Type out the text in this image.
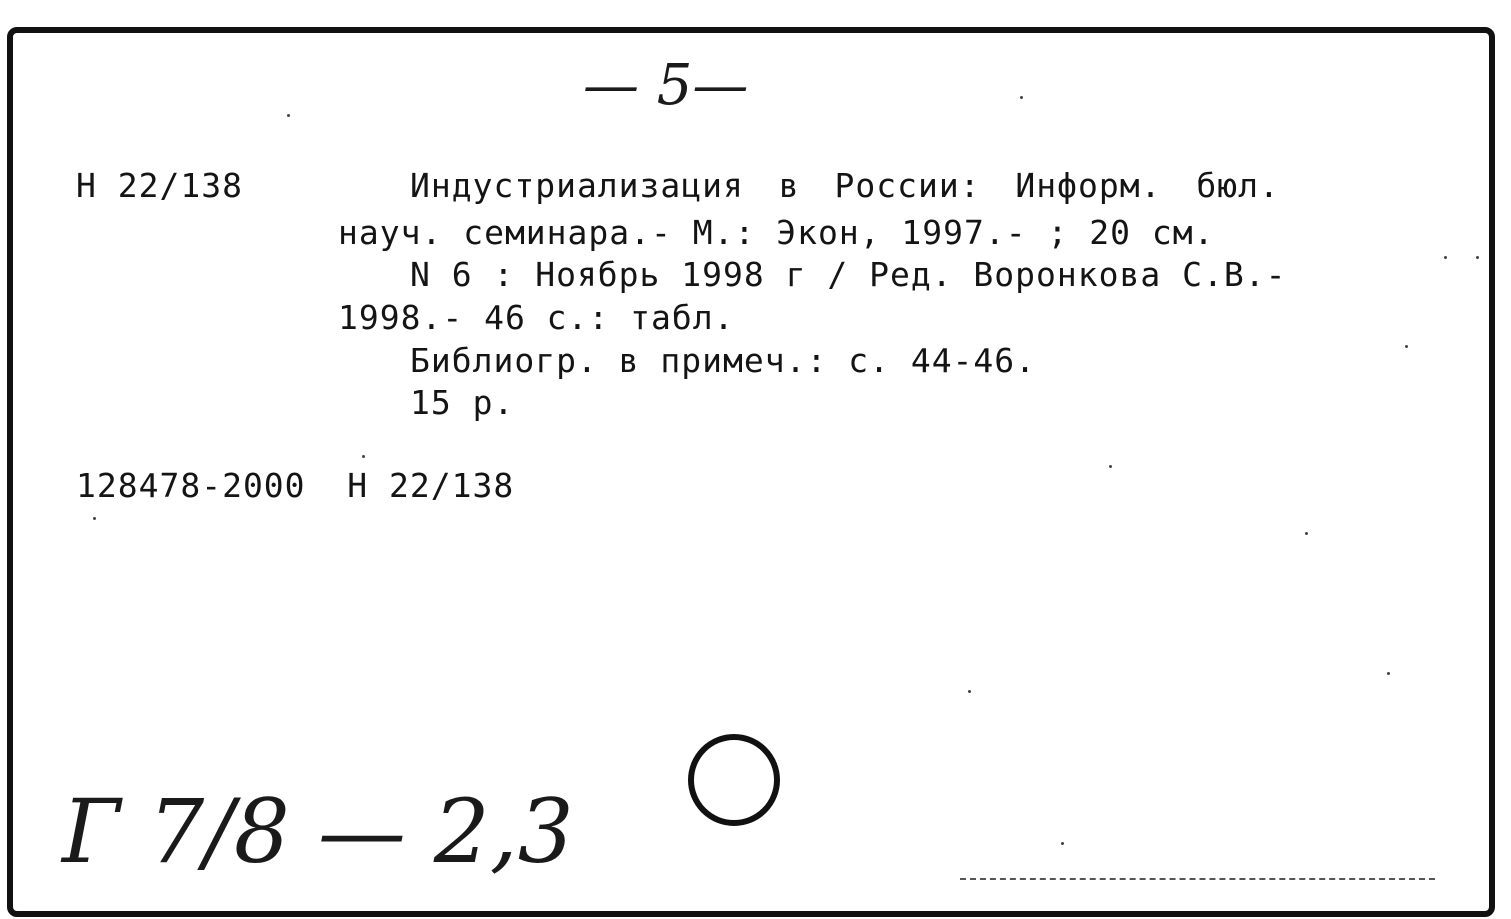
— 5—
Н 22/138	Индустриализация в России: Информ. бюл.
науч. семинара.- М.: Экон, 1997.- ; 20 см.
N 6 : Ноябрь 1998 г / Ред. Воронкова С.В.-
1998.- 46 с.: табл.
Библиогр. в примеч.: с. 44-46.
15 р.
128478-2000  Н 22/138
Г 7/8 — 2,3
